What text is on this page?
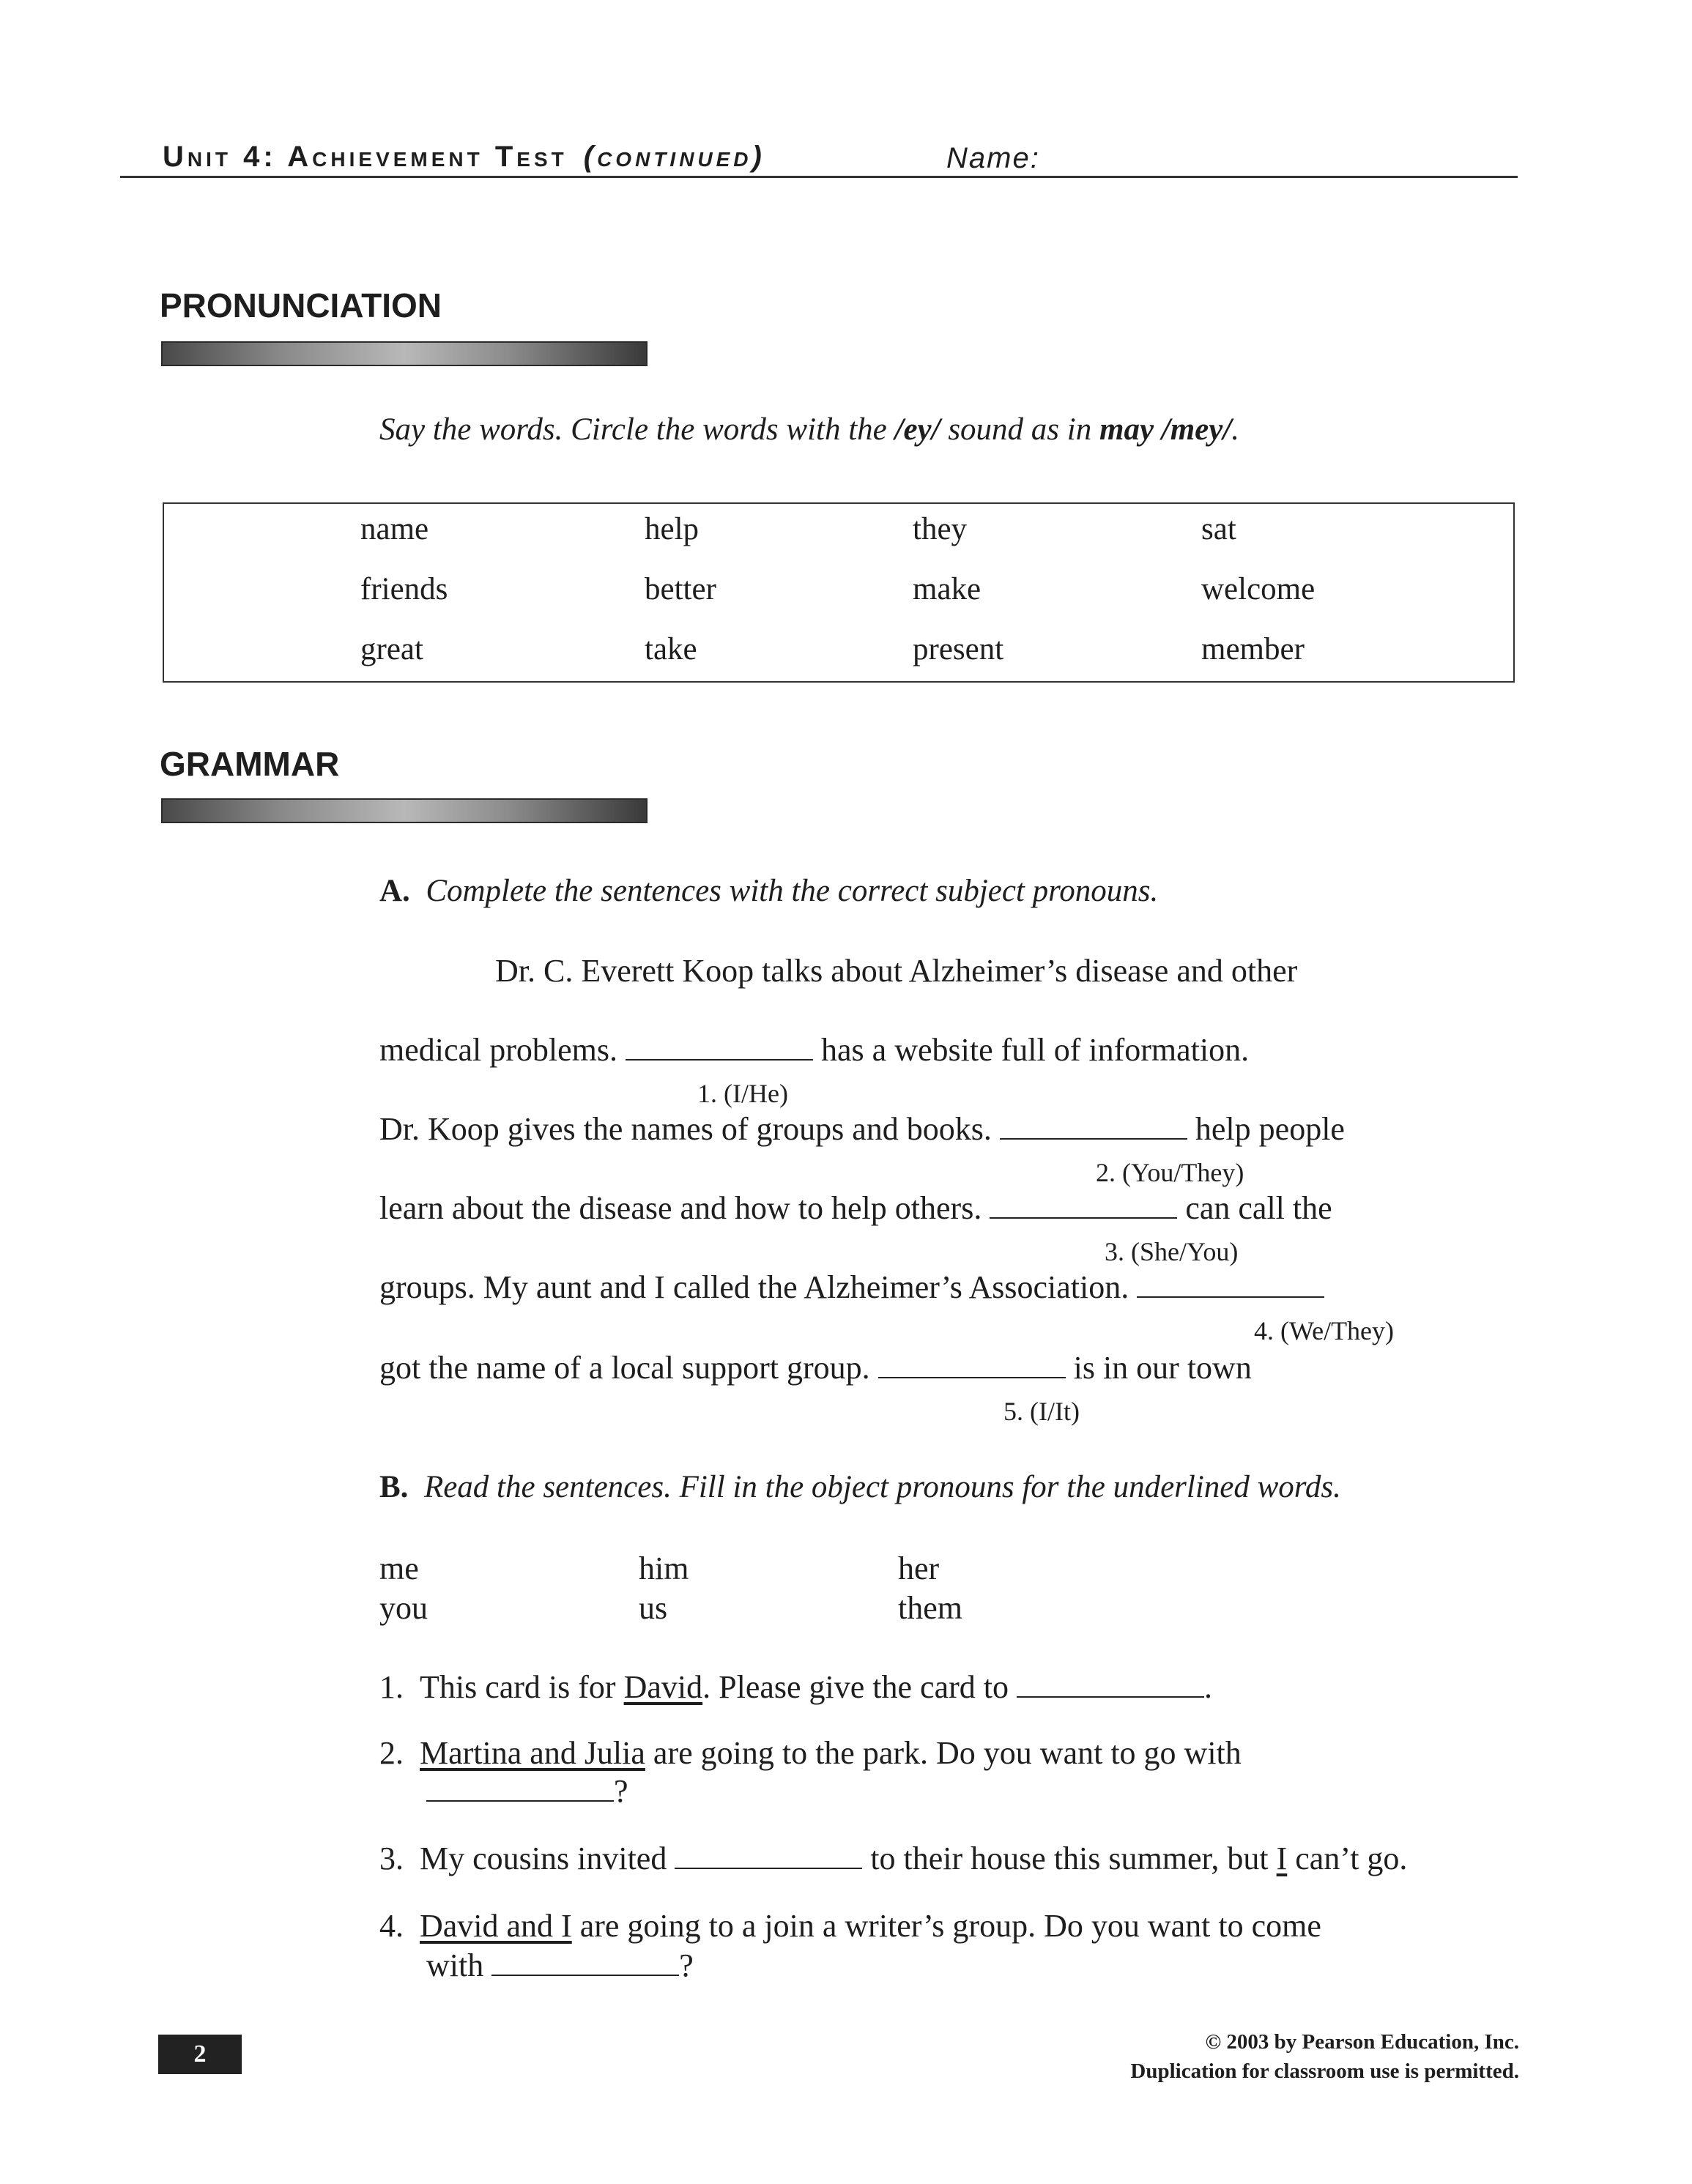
Unit 4: Achievement Test (continued)	Name:
PRONUNCIATION
Say the words. Circle the words with the /ey/ sound as in may /mey/.
name	help	they	sat
friends	better	make	welcome
great	take	present	member
GRAMMAR
A. Complete the sentences with the correct subject pronouns.
Dr. C. Everett Koop talks about Alzheimer’s disease and other
medical problems.	has a website full of information.
1. (I/He)
Dr. Koop gives the names of groups and books.	help people
2. (You/They)
learn about the disease and how to help others.	can call the
3. (She/You)
groups. My aunt and I called the Alzheimer’s Association.
4. (We/They)
got the name of a local support group.	is in our town
5. (I/It)
B. Read the sentences. Fill in the object pronouns for the underlined words.
me	him	her
you	us	them
1. This card is for David. Please give the card to	.
2. Martina and Julia are going to the park. Do you want to go with
?
3. My cousins invited	to their house this summer, but I can’t go.
4. David and I are going to a join a writer’s group. Do you want to come
with	?
2	© 2003 by Pearson Education, Inc.
Duplication for classroom use is permitted.
